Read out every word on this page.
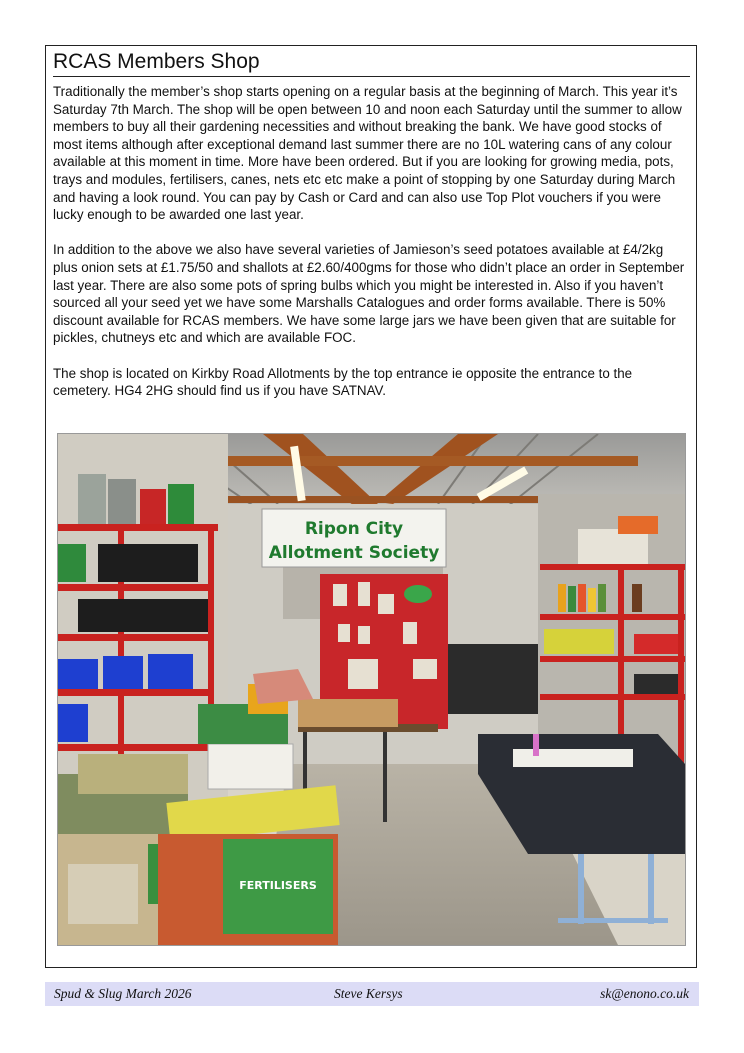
RCAS Members Shop

Traditionally the member’s shop starts opening on a regular basis at the beginning of March. This year it’s Saturday 7th March. The shop will be open between 10 and noon each Saturday until the summer to allow members to buy all their gardening necessities and without breaking the bank. We have good stocks of most items although after exceptional demand last summer there are no 10L watering cans of any colour available at this moment in time. More have been ordered. But if you are looking for growing media, pots, trays and modules, fertilisers, canes, nets etc etc make a point of stopping by one Saturday during March and having a look round. You can pay by Cash or Card and can also use Top Plot vouchers if you were lucky enough to be awarded one last year.

In addition to the above we also have several varieties of Jamieson’s seed potatoes available at £4/2kg plus onion sets at £1.75/50 and shallots at £2.60/400gms for those who didn’t place an order in September last year. There are also some pots of spring bulbs which you might be interested in. Also if you haven’t sourced all your seed yet we have some Marshalls Catalogues and order forms available. There is 50% discount available for RCAS members. We have some large jars we have been given that are suitable for pickles, chutneys etc and which are available FOC.

The shop is located on Kirkby Road Allotments by the top entrance ie opposite the entrance to the cemetery. HG4 2HG should find us if you have SATNAV.

Ripon City
Allotment Society
FERTILISERS
Spud & Slug March 2026	Steve Kersys	sk@enono.co.uk
